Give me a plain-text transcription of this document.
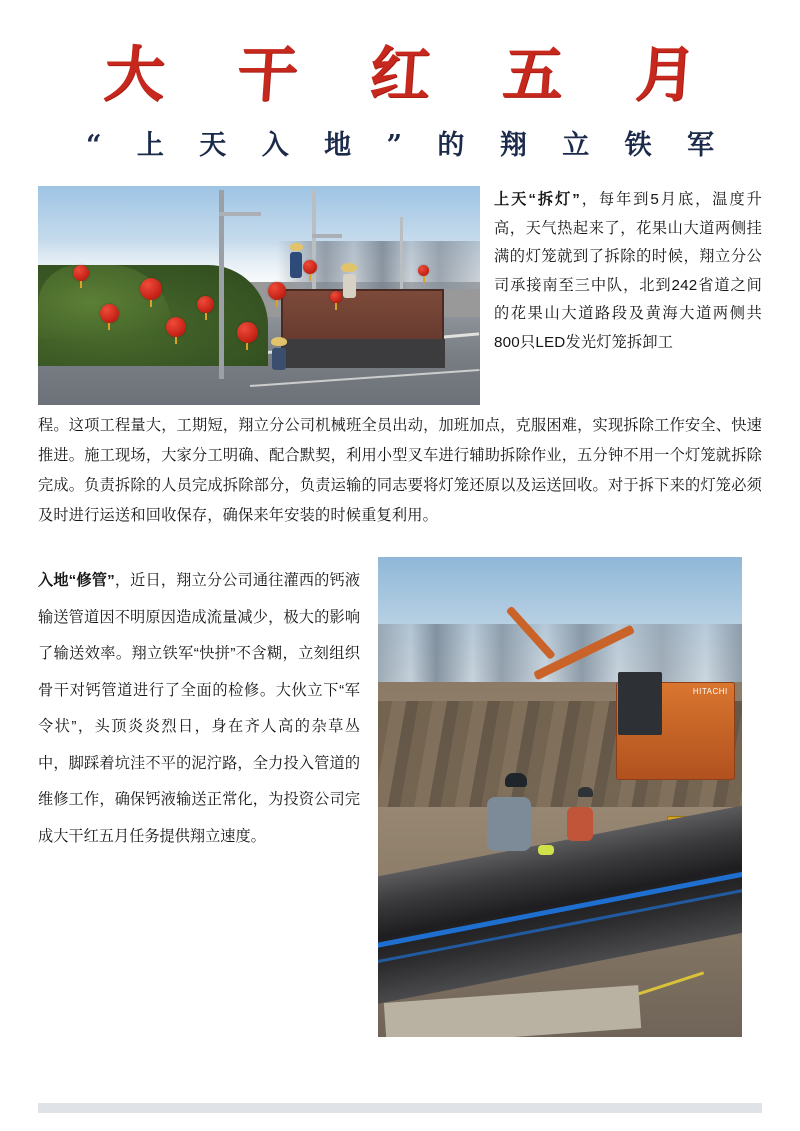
大 干 红 五 月
“ 上 天 入 地 ” 的 翔 立 铁 军
上天“拆灯”，每年到5月底，温度升高，天气热起来了，花果山大道两侧挂满的灯笼就到了拆除的时候，翔立分公司承接南至三中队，北到242省道之间的花果山大道路段及黄海大道两侧共800只LED发光灯笼拆卸工
程。这项工程量大，工期短，翔立分公司机械班全员出动，加班加点，克服困难，实现拆除工作安全、快速推进。施工现场，大家分工明确、配合默契，利用小型叉车进行辅助拆除作业，五分钟不用一个灯笼就拆除完成。负责拆除的人员完成拆除部分，负责运输的同志要将灯笼还原以及运送回收。对于拆下来的灯笼必须及时进行运送和回收保存，确保来年安装的时候重复利用。
入地“修管”，近日，翔立分公司通往灌西的钙液输送管道因不明原因造成流量减少，极大的影响了输送效率。翔立铁军“快拼”不含糊，立刻组织骨干对钙管道进行了全面的检修。大伙立下“军令状”，头顶炎炎烈日，身在齐人高的杂草丛中，脚踩着坑洼不平的泥泞路，全力投入管道的维修工作，确保钙液输送正常化，为投资公司完成大干红五月任务提供翔立速度。
HITACHI
